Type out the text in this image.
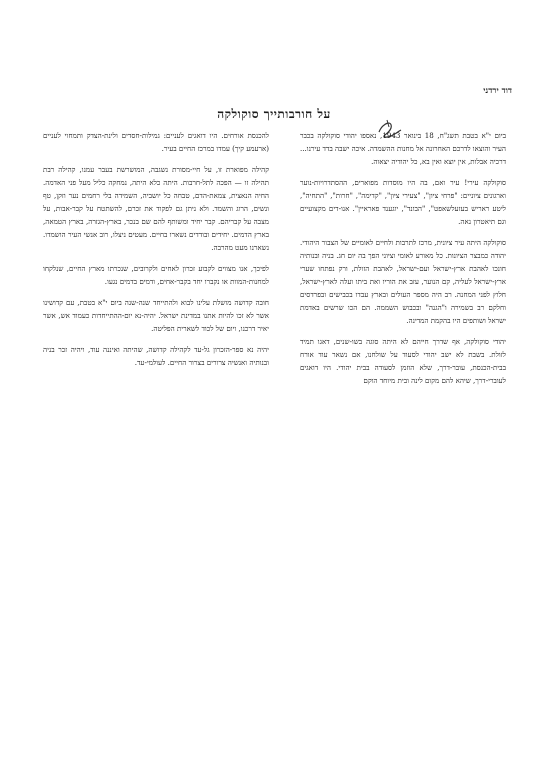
דוד ירדני
על חורבותייך סוקולקה

ביום י"א בטבת תשג"ח, 18 בינואר 1943, נאספו יהודי סוקולקה בכבר העיר והוצאו לדרכם האחרונה אל מחנות ההשמדה. איכה ישבה בדד עירנו... דרכיה אבלות, אין יוצא ואין בא, כל יהודיה יצאוה.

סוקולקה עירי! עיר ואם, בה היו מוסדות מפוארים, ההסתדרויות-נוער וארגונים ציוניים: "פרחי ציון", "צעירי ציון", "קדימה", "חרות", "התחיה", ליטע ראריש בעזעלשאפט", "הבונד", יוגענד פאראיין". אנו-דים מקצועיים וגם תיאטרון נאה.

סוקולקה היתה עיר ציונית, מרכז לתרבות ולחיים לאומיים של הצבור היהודי. יהודה כמבצר הציונות. כל מאורע לאומי וציוני הפך בה יום חג. בניה ובנותיה חונכו לאהבת ארץ-ישראל ועם-ישראל, לאהבת הזולת, ורק נפתחו שערי ארץ-ישראל לעליה, קם הנוער, עזב את הוריו ואת ביתו ועלה לארץ-ישראל, חלוץ לפני המחנה. רב היה מספר העולים ובארץ עבדו בכבישים ובפרדסים וחלקם רב בשמירה ו"הגנה" ובכבוש השממה. הם הכו שרשים באדמת ישראל ושותפים היו בהקמת המדינה.

יהודי סוקולקה, אף שדרך חייהם לא היתה סוגה בשו-שנים, דאגו תמיד לזולת. בשבת לא ישב יהודי לסעוד על שולחנו, אם נשאר עוד אורח בבית-הכנסת, עובר-דרך, שלא הוזמן לסעודה בבית יהודי. היו דואגים לעוברי-דרך, שיהא להם מקום לינה ובית מיוחד הוקם

להכנסת אורחים. היו דואגים לעניים: גמילות-חסדים ולינת-הצדק ותמחוי לעניים (ארעמע קיך) עמדו במרכז החיים בעיר.

קהילה מפוארת זו, על חיי-מסורת נשגבה, המושרשת בעבר עמנו, קהילה רבת תהילה זו — הפכה לתל-חרבות. היתה כלא היתה, נמחקה כליל מעל פני האדמה. החיה הנאצית, צמאת-הדם, טבחה כל יושביה, השמידה בלי רחמים נער וזקן, טף ונשים, הרוג והשמד. ולא ניתן גם לפקוד את זכרם, להשתטח על קבר-אבות, על מצבה על קבריהם. קבר יחיד ומשותף להם שם בנכר, בארץ-הגזרה, בארץ הטמאה, בארץ הדמים. יחידים ובודדים נשארו בחיים. מעטים ניצלו, רוב אנשי העיר הושמדו. נשארנו מעט מהרבה.

לפיכך, אנו מצווים לקבוע זכרון לאחים ולקרובים, שנכרתו מארץ החיים, שנלקחו למחנות-המוות או נקברו יחד בקבר-אחים, ודמים בדמים נגעו.

חובה קדושה מושלת עלינו לבוא ולהתייחד שנה-שנה ביום י"א בטבת, עם קדושינו אשר לא זכו להיות אתנו במדינת ישראל. יהיה-נא יום-ההתייחדות כעמוד אש, אשר יאיר דרכנו, ויום של לכוד לשארית הפליטה.

יהיה נא ספר-הזכרון גל-עד לקהילה קדושה, שהיתה ואיננה עוד, ויהיה זכר בניה ובנותיה ואנשיה צרורים בצרור החיים. לעולמי-עד.
